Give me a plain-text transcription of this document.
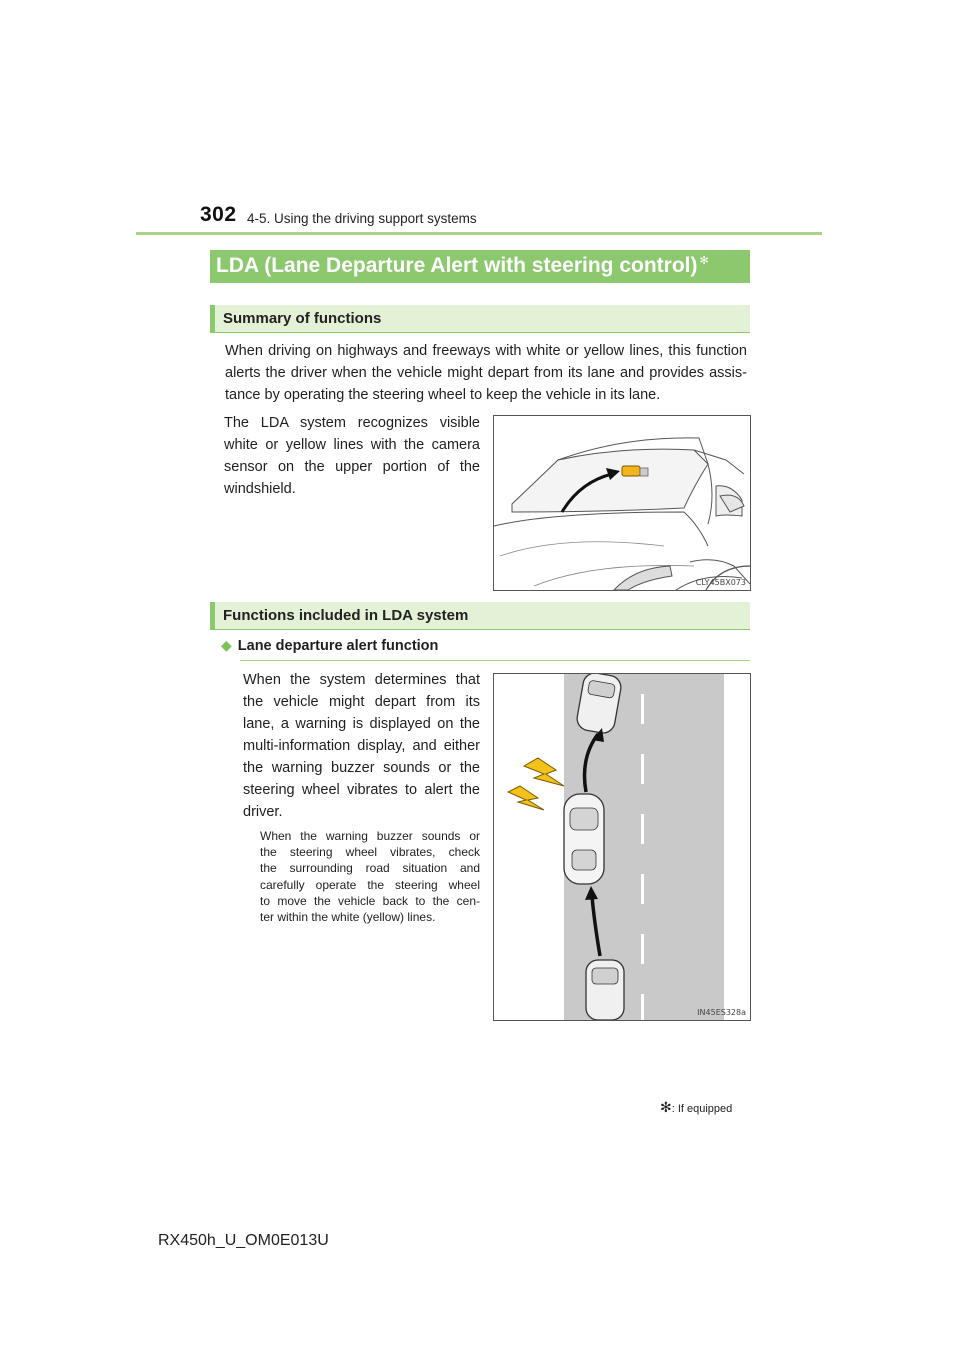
302 4-5. Using the driving support systems
LDA (Lane Departure Alert with steering control) ✻
Summary of functions
When driving on highways and freeways with white or yellow lines, this function
alerts the driver when the vehicle might depart from its lane and provides assis-
tance by operating the steering wheel to keep the vehicle in its lane.
The LDA system recognizes visible
white or yellow lines with the camera
sensor on the upper portion of the
windshield.
CLY45BX073
Functions included in LDA system
◆ Lane departure alert function
When the system determines that
the vehicle might depart from its
lane, a warning is displayed on the
multi-information display, and either
the warning buzzer sounds or the
steering wheel vibrates to alert the
driver.
When the warning buzzer sounds or
the steering wheel vibrates, check
the surrounding road situation and
carefully operate the steering wheel
to move the vehicle back to the cen-
ter within the white (yellow) lines.
IN45ES328a
✻: If equipped
RX450h_U_OM0E013U
